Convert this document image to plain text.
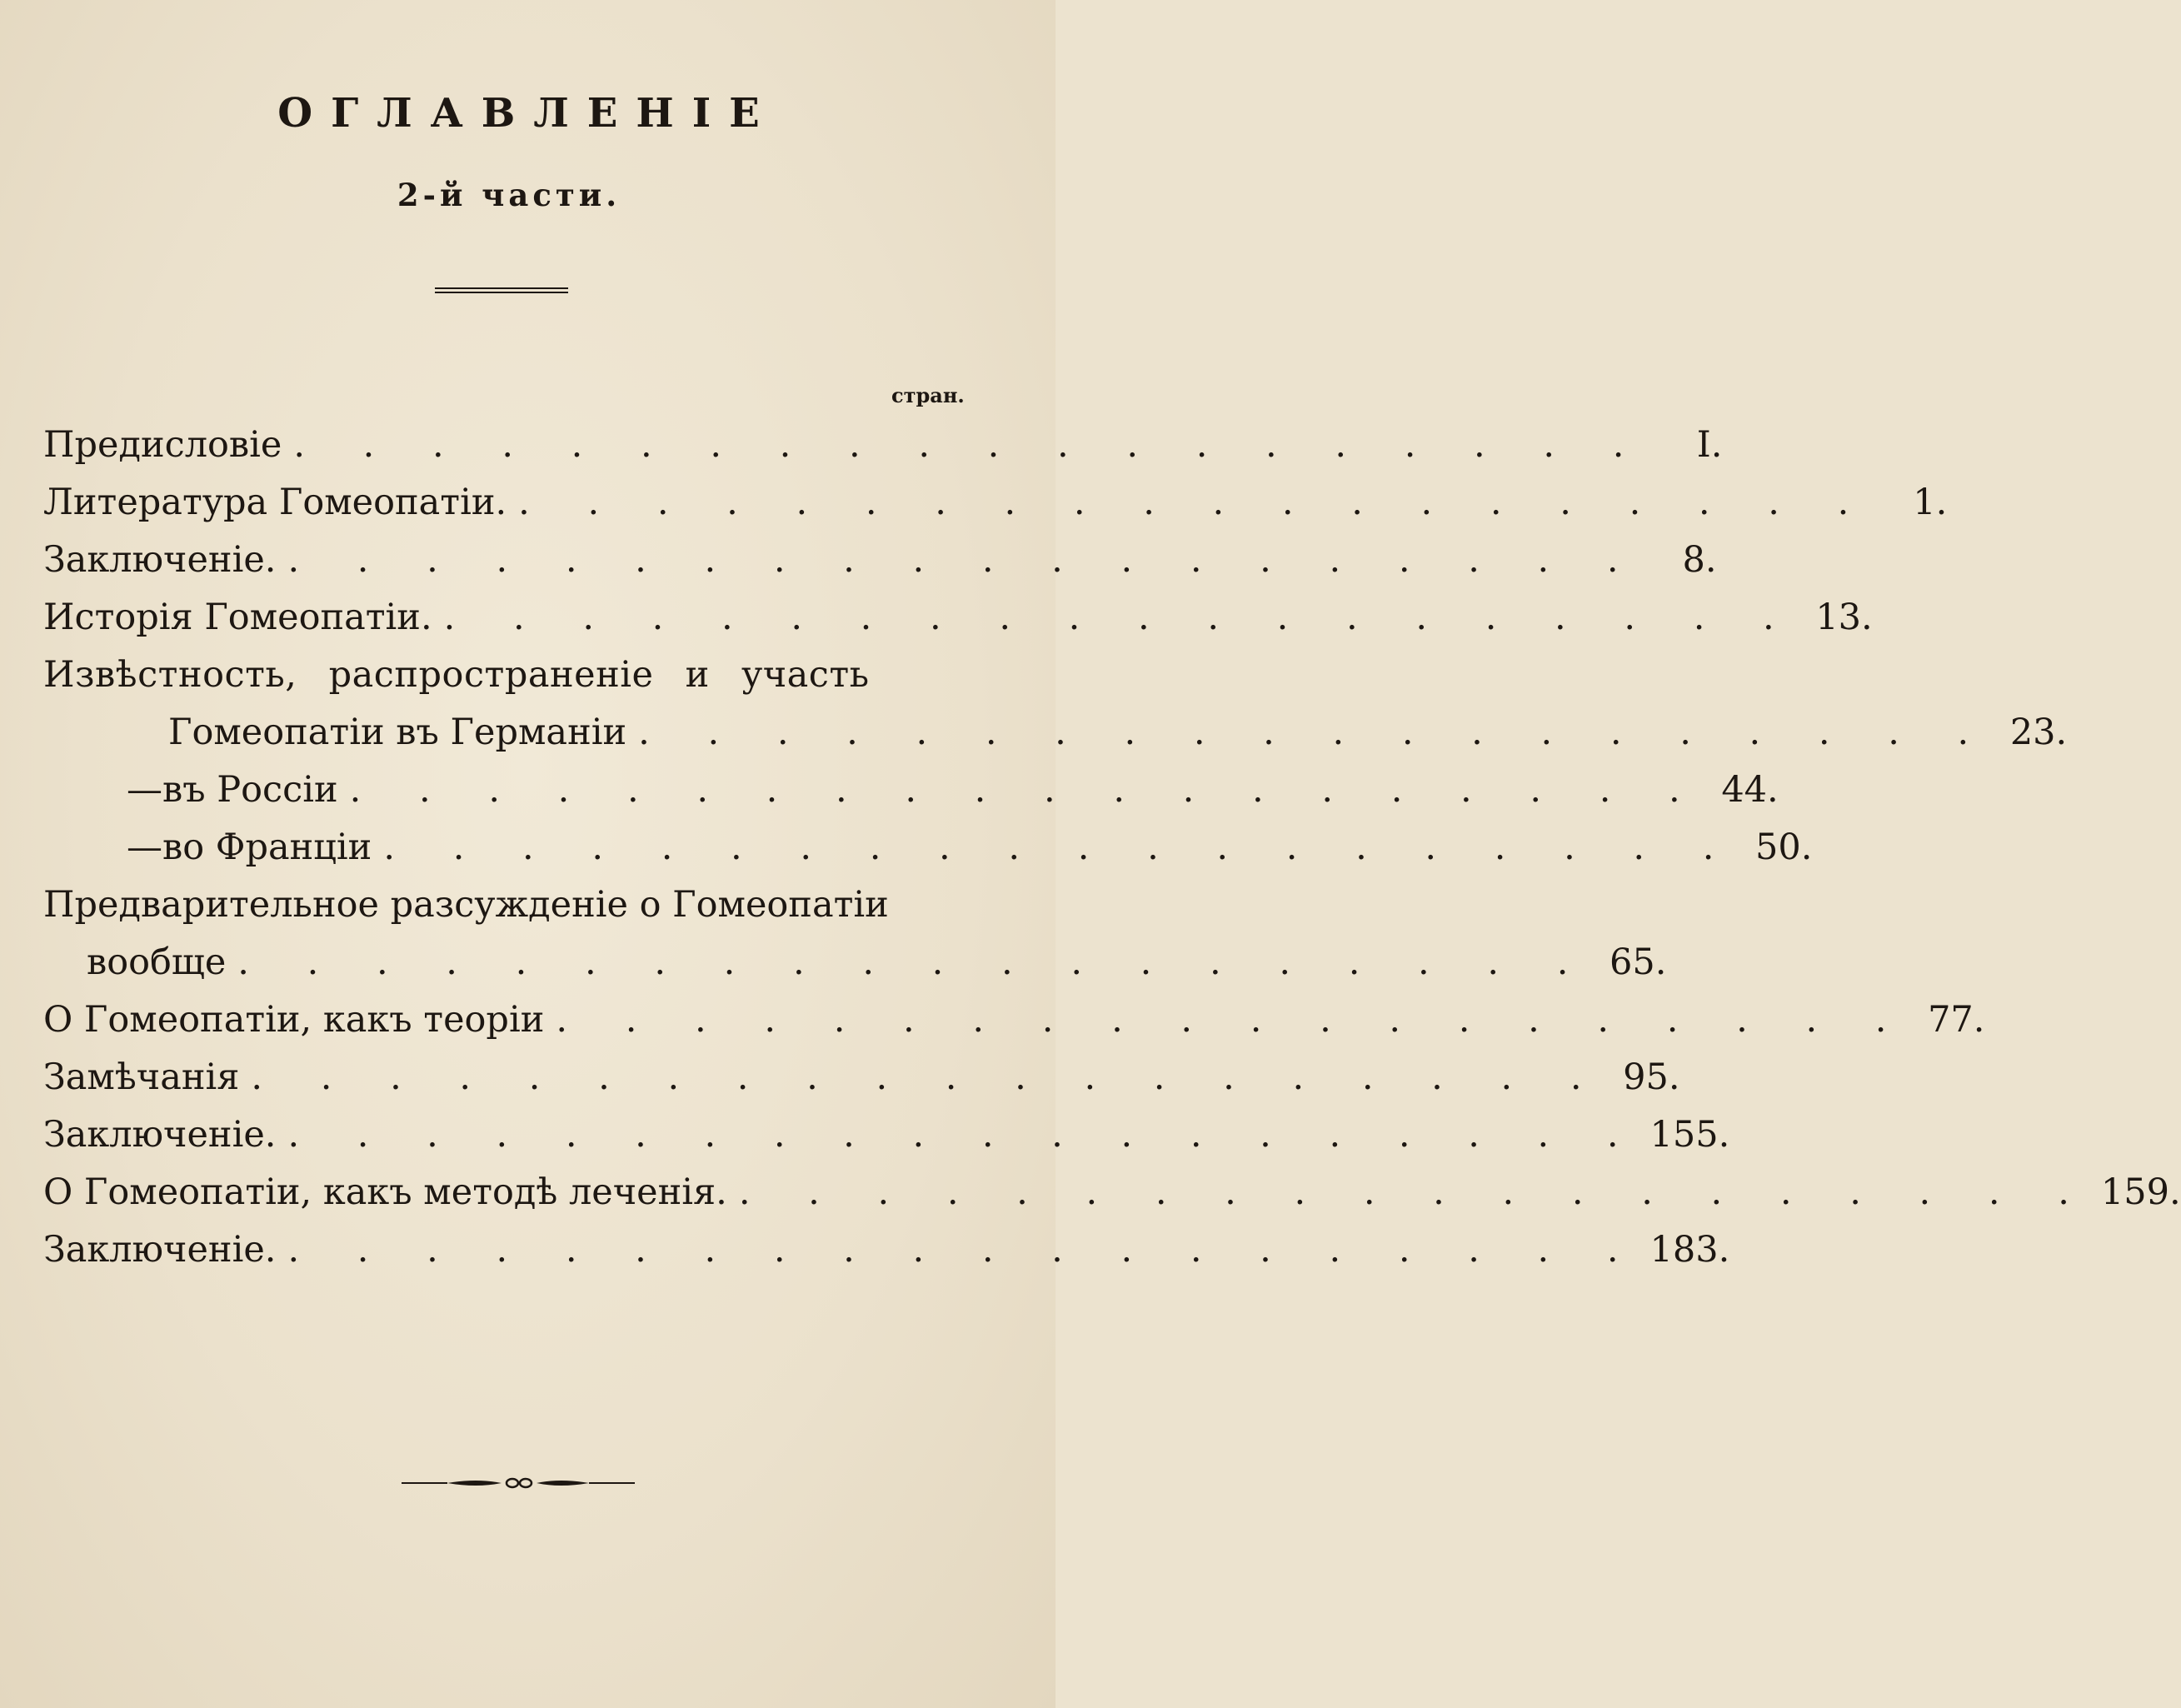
ОГЛАВЛЕНІЕ
2-й части.
стран.
Предисловіе . . . . . . . . . . . . . . . . . . . .	I.
Литература Гомеопатіи. . . . . . . . . . . . . . . . . . . . .	1.
Заключеніе. . . . . . . . . . . . . . . . . . . . .	8.
Исторія Гомеопатіи. . . . . . . . . . . . . . . . . . . . . 13.
Извѣстность, распространеніе и участь
Гомеопатіи въ Германіи . . . . . . . . . . . . . . . . . . . . 23.
— въ Россіи . . . . . . . . . . . . . . . . . . . . 44.
— во Франціи . . . . . . . . . . . . . . . . . . . . 50.
Предварительное разсужденіе о Гомеопатіи
вообще . . . . . . . . . . . . . . . . . . . . 65.
О Гомеопатіи, какъ теоріи . . . . . . . . . . . . . . . . . . . . 77.
Замѣчанія . . . . . . . . . . . . . . . . . . . . 95.
Заключеніе. . . . . . . . . . . . . . . . . . . . . 155.
О Гомеопатіи, какъ методѣ леченія. . . . . . . . . . . . . . . . . . . . . 159.
Заключеніе. . . . . . . . . . . . . . . . . . . . . 183.
